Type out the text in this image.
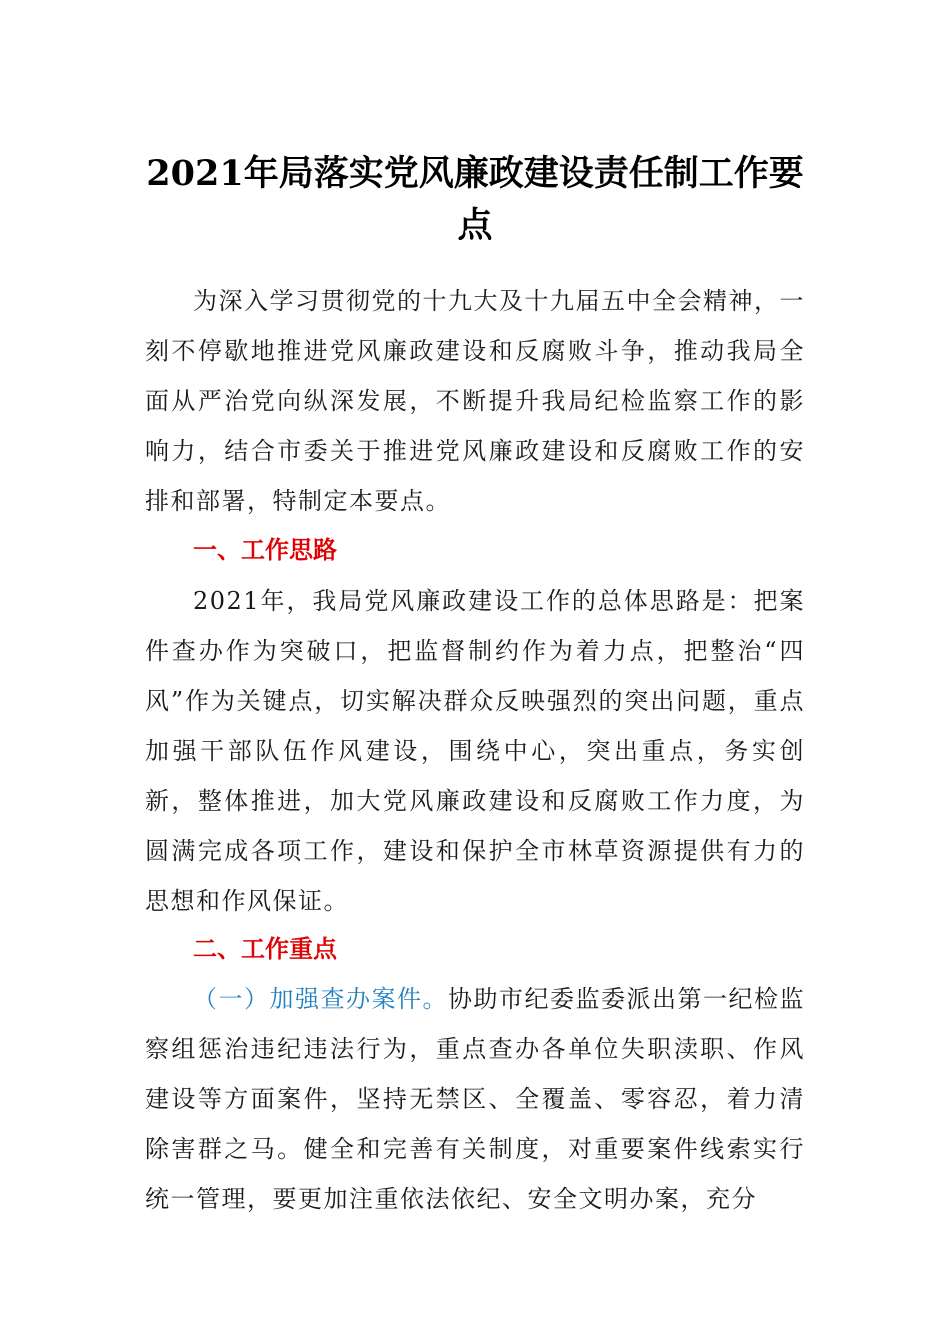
2021年局落实党风廉政建设责任制工作要点

为深入学习贯彻党的十九大及十九届五中全会精神，一刻不停歇地推进党风廉政建设和反腐败斗争，推动我局全面从严治党向纵深发展，不断提升我局纪检监察工作的影响力，结合市委关于推进党风廉政建设和反腐败工作的安排和部署，特制定本要点。

一、工作思路

2021年，我局党风廉政建设工作的总体思路是：把案件查办作为突破口，把监督制约作为着力点，把整治“四风”作为关键点，切实解决群众反映强烈的突出问题，重点加强干部队伍作风建设，围绕中心，突出重点，务实创新，整体推进，加大党风廉政建设和反腐败工作力度，为圆满完成各项工作，建设和保护全市林草资源提供有力的思想和作风保证。

二、工作重点

（一）加强查办案件。协助市纪委监委派出第一纪检监察组惩治违纪违法行为，重点查办各单位失职渎职、作风建设等方面案件，坚持无禁区、全覆盖、零容忍，着力清除害群之马。健全和完善有关制度，对重要案件线索实行统一管理，要更加注重依法依纪、安全文明办案，充分
